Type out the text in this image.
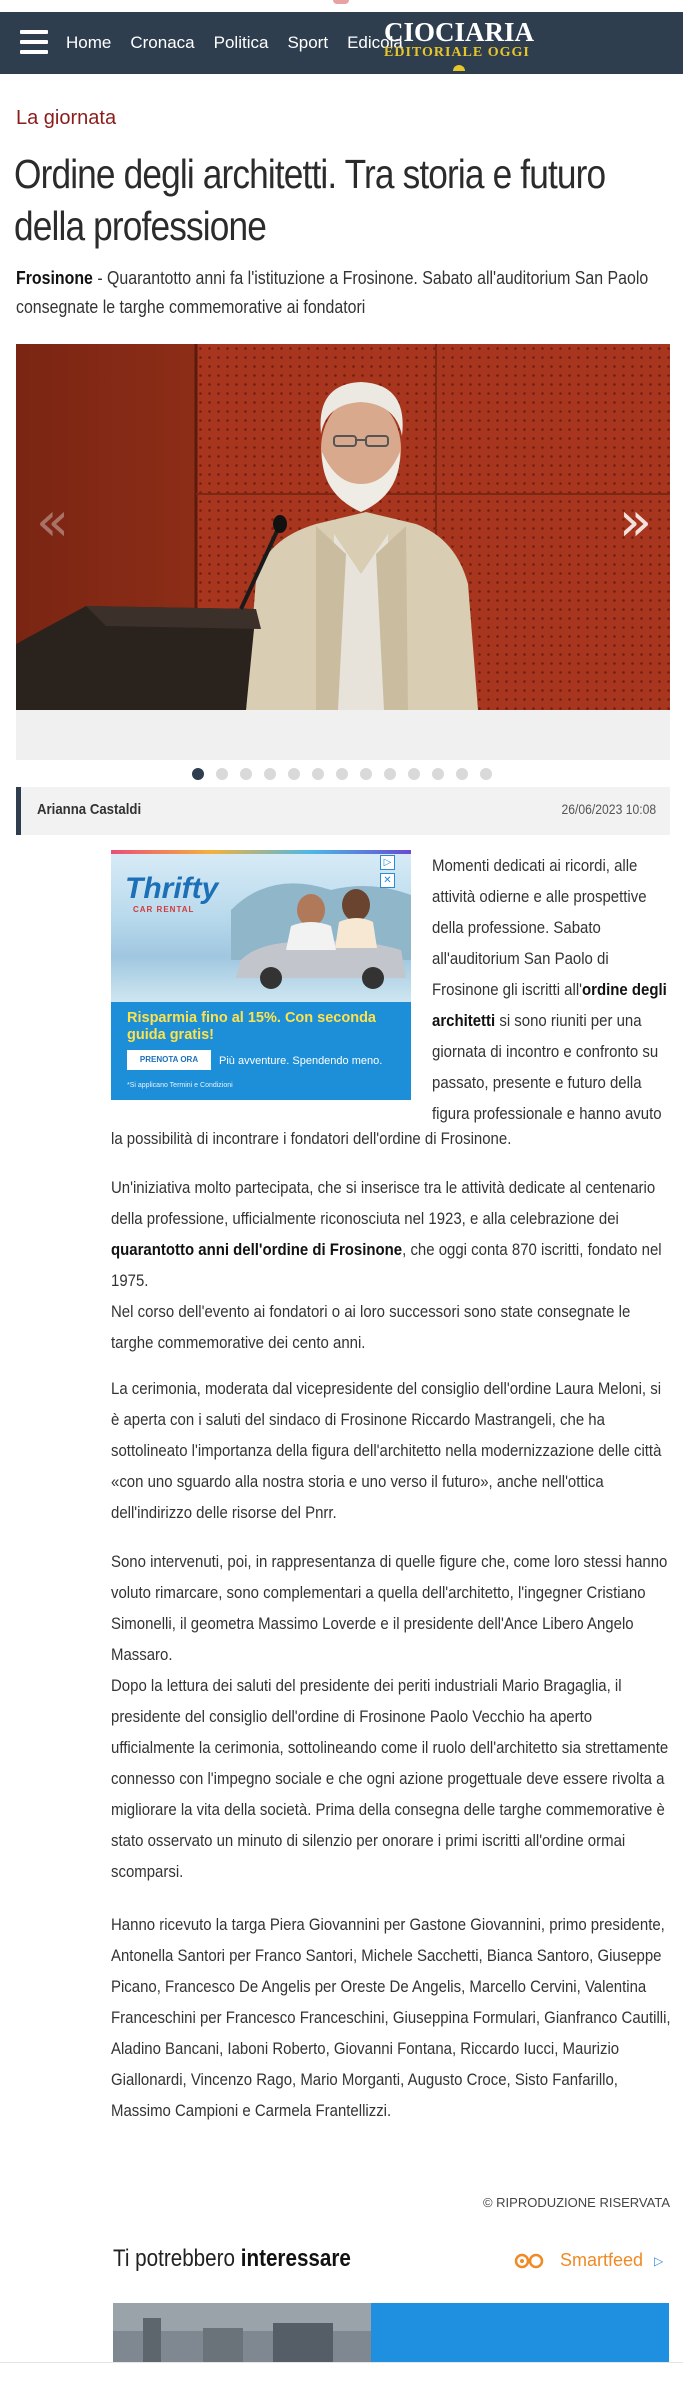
Home Cronaca Politica Sport Edicola
CIOCIARIA
EDITORIALE OGGI
La giornata
Ordine degli architetti. Tra storia e futuro della professione
Frosinone - Quarantotto anni fa l'istituzione a Frosinone. Sabato all'auditorium San Paolo consegnate le targhe commemorative ai fondatori
«	»
Arianna Castaldi	26/06/2023 10:08
Thrifty
CAR RENTAL
▷✕
Risparmia fino al 15%. Con seconda guida gratis!
PRENOTA ORA	Più avventure. Spendendo meno.
*Si applicano Termini e Condizioni
Momenti dedicati ai ricordi, alle attività odierne e alle prospettive della professione. Sabato all'auditorium San Paolo di Frosinone gli iscritti all'ordine degli architetti si sono riuniti per una giornata di incontro e confronto su passato, presente e futuro della figura professionale e hanno avuto
la possibilità di incontrare i fondatori dell'ordine di Frosinone.

Un'iniziativa molto partecipata, che si inserisce tra le attività dedicate al centenario della professione, ufficialmente riconosciuta nel 1923, e alla celebrazione dei quarantotto anni dell'ordine di Frosinone, che oggi conta 870 iscritti, fondato nel 1975.

Nel corso dell'evento ai fondatori o ai loro successori sono state consegnate le targhe commemorative dei cento anni.

La cerimonia, moderata dal vicepresidente del consiglio dell'ordine Laura Meloni, si è aperta con i saluti del sindaco di Frosinone Riccardo Mastrangeli, che ha sottolineato l'importanza della figura dell'architetto nella modernizzazione delle città «con uno sguardo alla nostra storia e uno verso il futuro», anche nell'ottica dell'indirizzo delle risorse del Pnrr.

Sono intervenuti, poi, in rappresentanza di quelle figure che, come loro stessi hanno voluto rimarcare, sono complementari a quella dell'architetto, l'ingegner Cristiano Simonelli, il geometra Massimo Loverde e il presidente dell'Ance Libero Angelo Massaro.

Dopo la lettura dei saluti del presidente dei periti industriali Mario Bragaglia, il presidente del consiglio dell'ordine di Frosinone Paolo Vecchio ha aperto ufficialmente la cerimonia, sottolineando come il ruolo dell'architetto sia strettamente connesso con l'impegno sociale e che ogni azione progettuale deve essere rivolta a migliorare la vita della società. Prima della consegna delle targhe commemorative è stato osservato un minuto di silenzio per onorare i primi iscritti all'ordine ormai scomparsi.

Hanno ricevuto la targa Piera Giovannini per Gastone Giovannini, primo presidente, Antonella Santori per Franco Santori, Michele Sacchetti, Bianca Santoro, Giuseppe Picano, Francesco De Angelis per Oreste De Angelis, Marcello Cervini, Valentina Franceschini per Francesco Franceschini, Giuseppina Formulari, Gianfranco Cautilli, Aladino Bancani, Iaboni Roberto, Giovanni Fontana, Riccardo Iucci, Maurizio Giallonardi, Vincenzo Rago, Mario Morganti, Augusto Croce, Sisto Fanfarillo, Massimo Campioni e Carmela Frantellizzi.

© RIPRODUZIONE RISERVATA
Ti potrebbero interessare	Smartfeed ▷
